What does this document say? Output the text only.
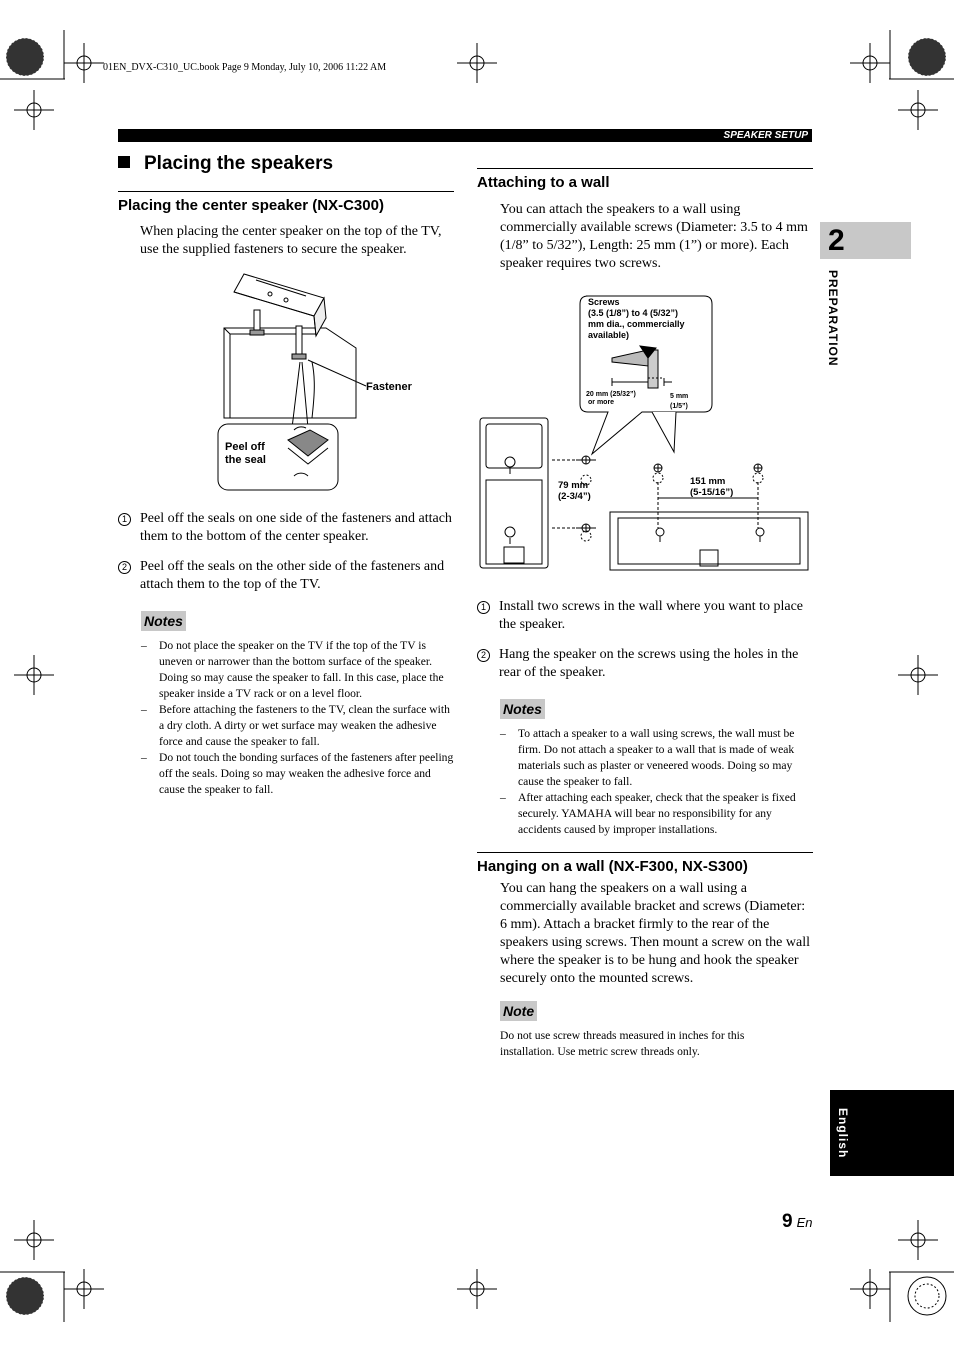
01EN_DVX-C310_UC.book Page 9 Monday, July 10, 2006 11:22 AM
SPEAKER SETUP
Placing the speakers
Placing the center speaker (NX-C300)
When placing the center speaker on the top of the TV, use the supplied fasteners to secure the speaker.
Fastener
Peel off
the seal
1 Peel off the seals on one side of the fasteners and attach them to the bottom of the center speaker.
2 Peel off the seals on the other side of the fasteners and attach them to the top of the TV.
Notes
–	Do not place the speaker on the TV if the top of the TV is uneven or narrower than the bottom surface of the speaker. Doing so may cause the speaker to fall. In this case, place the speaker inside a TV rack or on a level floor.
–	Before attaching the fasteners to the TV, clean the surface with a dry cloth. A dirty or wet surface may weaken the adhesive force and cause the speaker to fall.
–	Do not touch the bonding surfaces of the fasteners after peeling off the seals. Doing so may weaken the adhesive force and cause the speaker to fall.
Attaching to a wall
You can attach the speakers to a wall using commercially available screws (Diameter: 3.5 to 4 mm (1/8” to 5/32”), Length: 25 mm (1”) or more). Each speaker requires two screws.
Screws
(3.5 (1/8”) to 4 (5/32”)
mm dia., commercially
available)
20 mm (25/32”)
or more
5 mm
(1/5”)
79 mm
(2-3/4”)
151 mm
(5-15/16”)
1 Install two screws in the wall where you want to place the speaker.
2 Hang the speaker on the screws using the holes in the rear of the speaker.
Notes
–	To attach a speaker to a wall using screws, the wall must be firm. Do not attach a speaker to a wall that is made of weak materials such as plaster or veneered woods. Doing so may cause the speaker to fall.
–	After attaching each speaker, check that the speaker is fixed securely. YAMAHA will bear no responsibility for any accidents caused by improper installations.
Hanging on a wall (NX-F300, NX-S300)
You can hang the speakers on a wall using a commercially available bracket and screws (Diameter: 6 mm). Attach a bracket firmly to the rear of the speakers using screws. Then mount a screw on the wall where the speaker is to be hung and hook the speaker securely onto the mounted screws.
Note
Do not use screw threads measured in inches for this installation. Use metric screw threads only.
2
PREPARATION
English
9 En
